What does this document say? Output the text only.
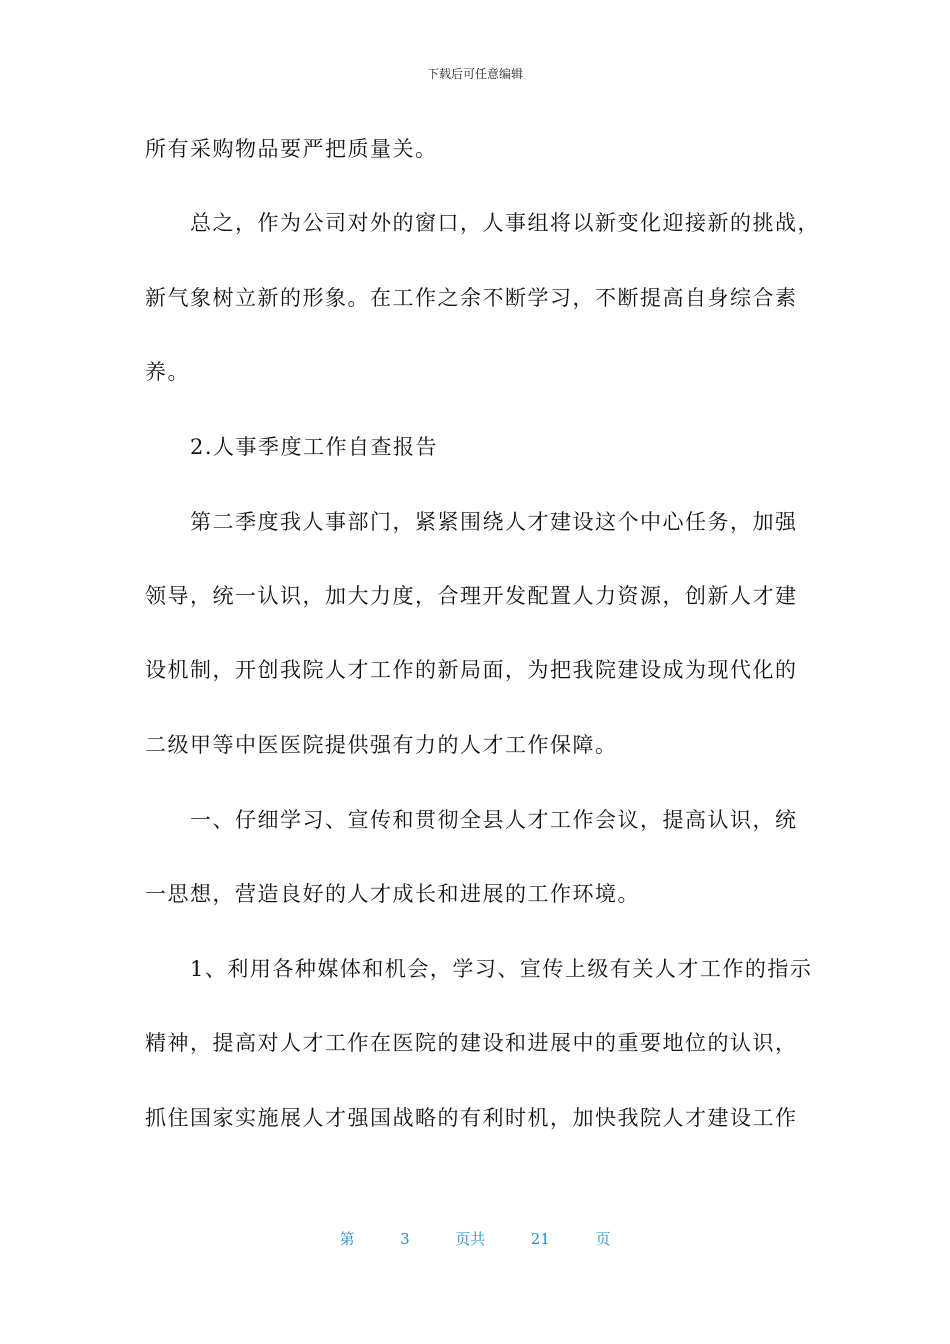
下载后可任意编辑
所有采购物品要严把质量关。
总之，作为公司对外的窗口，人事组将以新变化迎接新的挑战，
新气象树立新的形象。在工作之余不断学习，不断提高自身综合素
养。
2.人事季度工作自查报告
第二季度我人事部门，紧紧围绕人才建设这个中心任务，加强
领导，统一认识，加大力度，合理开发配置人力资源，创新人才建
设机制，开创我院人才工作的新局面，为把我院建设成为现代化的
二级甲等中医医院提供强有力的人才工作保障。
一、仔细学习、宣传和贯彻全县人才工作会议，提高认识，统
一思想，营造良好的人才成长和进展的工作环境。
1、利用各种媒体和机会，学习、宣传上级有关人才工作的指示
精神，提高对人才工作在医院的建设和进展中的重要地位的认识，
抓住国家实施展人才强国战略的有利时机，加快我院人才建设工作
第	3	页共	21	页
